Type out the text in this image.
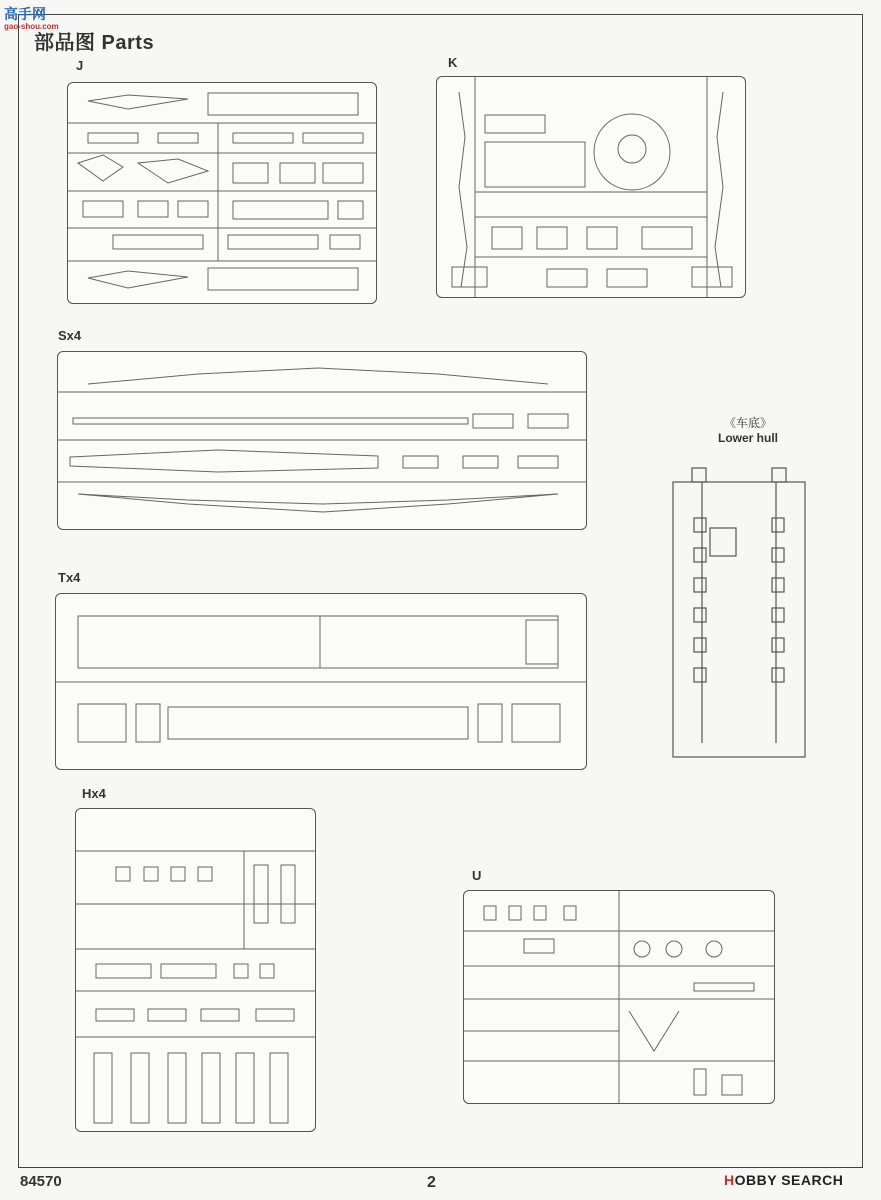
高手网
gao-shou.com
部品图 Parts
J	K
Sx4
Tx4
《车底》
Lower hull
Hx4
U
84570	2	HOBBY SEARCH
